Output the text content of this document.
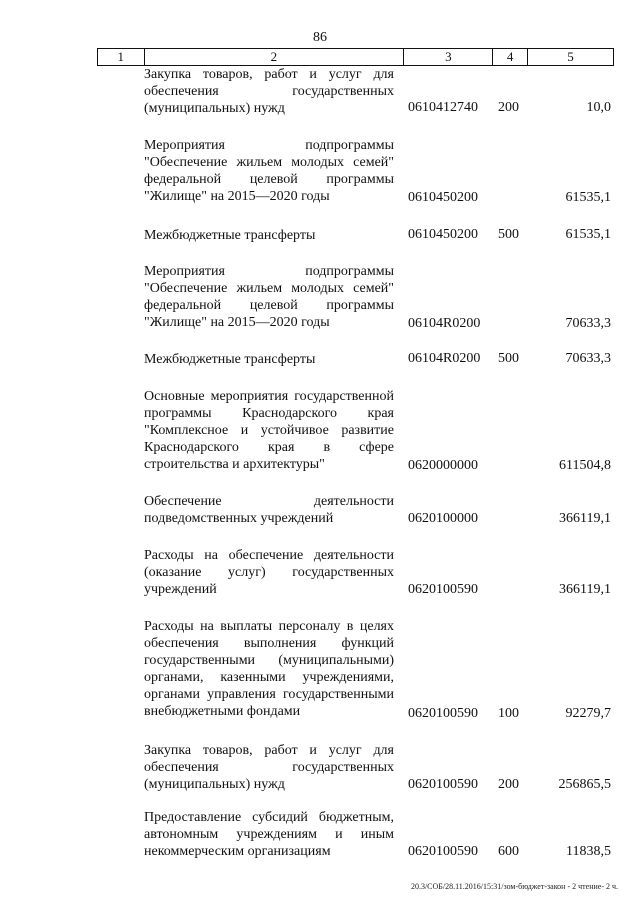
86
1	2	3	4	5
Закупка товаров, работ и услуг для обеспечения государственных (муниципальных) нужд	0610412740 200	10,0
Мероприятия подпрограммы "Обеспечение жильем молодых семей" федеральной целевой программы "Жилище" на 2015—2020 годы	0610450200	61535,1
Межбюджетные трансферты	0610450200 500	61535,1
Мероприятия подпрограммы "Обеспечение жильем молодых семей" федеральной целевой программы "Жилище" на 2015—2020 годы	06104R0200	70633,3
Межбюджетные трансферты	06104R0200 500	70633,3
Основные мероприятия государственной программы Краснодарского края "Комплексное и устойчивое развитие Краснодарского края в сфере строительства и архитектуры"	0620000000	611504,8
Обеспечение деятельности подведомственных учреждений	0620100000	366119,1
Расходы на обеспечение деятельности (оказание услуг) государственных учреждений	0620100590	366119,1
Расходы на выплаты персоналу в целях обеспечения выполнения функций государственными (муниципальными) органами, казенными учреждениями, органами управления государственными внебюджетными фондами	0620100590 100	92279,7
Закупка товаров, работ и услуг для обеспечения государственных (муниципальных) нужд	0620100590 200	256865,5
Предоставление субсидий бюджетным, автономным учреждениям и иным некоммерческим организациям	0620100590 600	11838,5
20.3/СОБ/28.11.2016/15:31/зом-бюджет-закон - 2 чтение- 2 ч.
